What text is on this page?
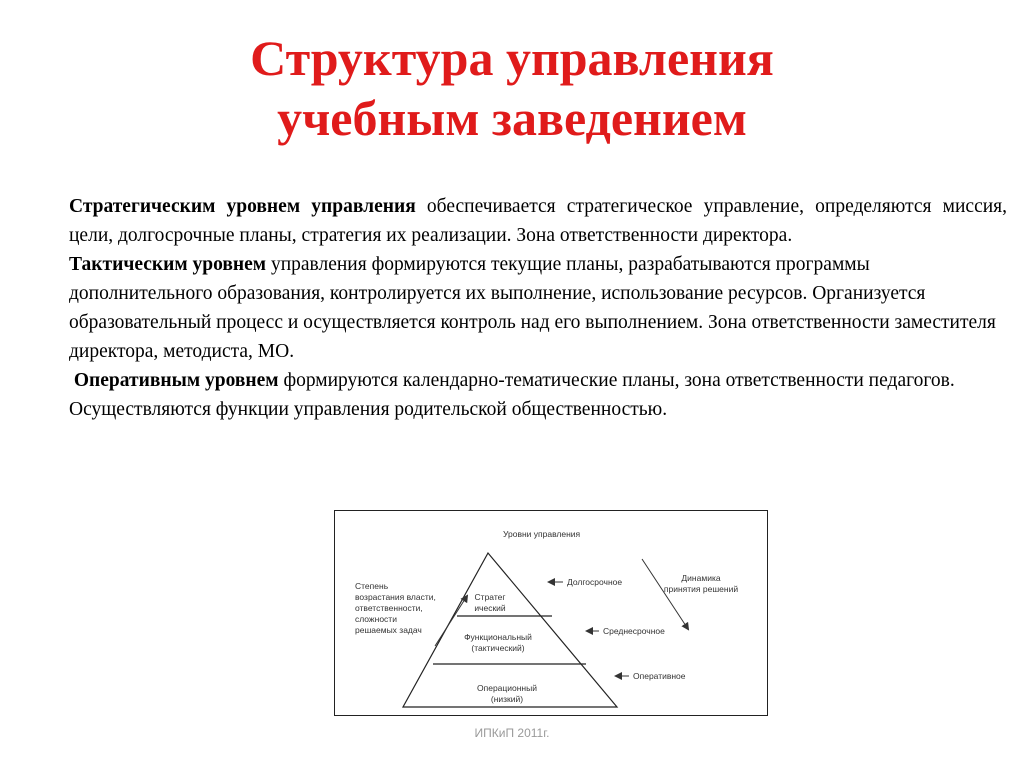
Структура управления
учебным заведением

Стратегическим уровнем управления обеспечивается стратегическое управление, определяются миссия, цели, долгосрочные планы, стратегия их реализации. Зона ответственности директора.

Тактическим уровнем управления формируются текущие планы, разрабатываются программы дополнительного образования, контролируется их выполнение, использование ресурсов. Организуется образовательный процесс и осуществляется контроль над его выполнением. Зона ответственности заместителя директора, методиста, МО.

Оперативным уровнем формируются календарно-тематические планы, зона ответственности педагогов. Осуществляются функции управления родительской общественностью.

Уровни управления
Стратег
ический
Функциональный
(тактический)
Операционный
(низкий)
Степень
возрастания власти,
ответственности,
сложности
решаемых задач
Долгосрочное
Среднесрочное
Оперативное
Динамика
принятия решений
ИПКиП 2011г.
